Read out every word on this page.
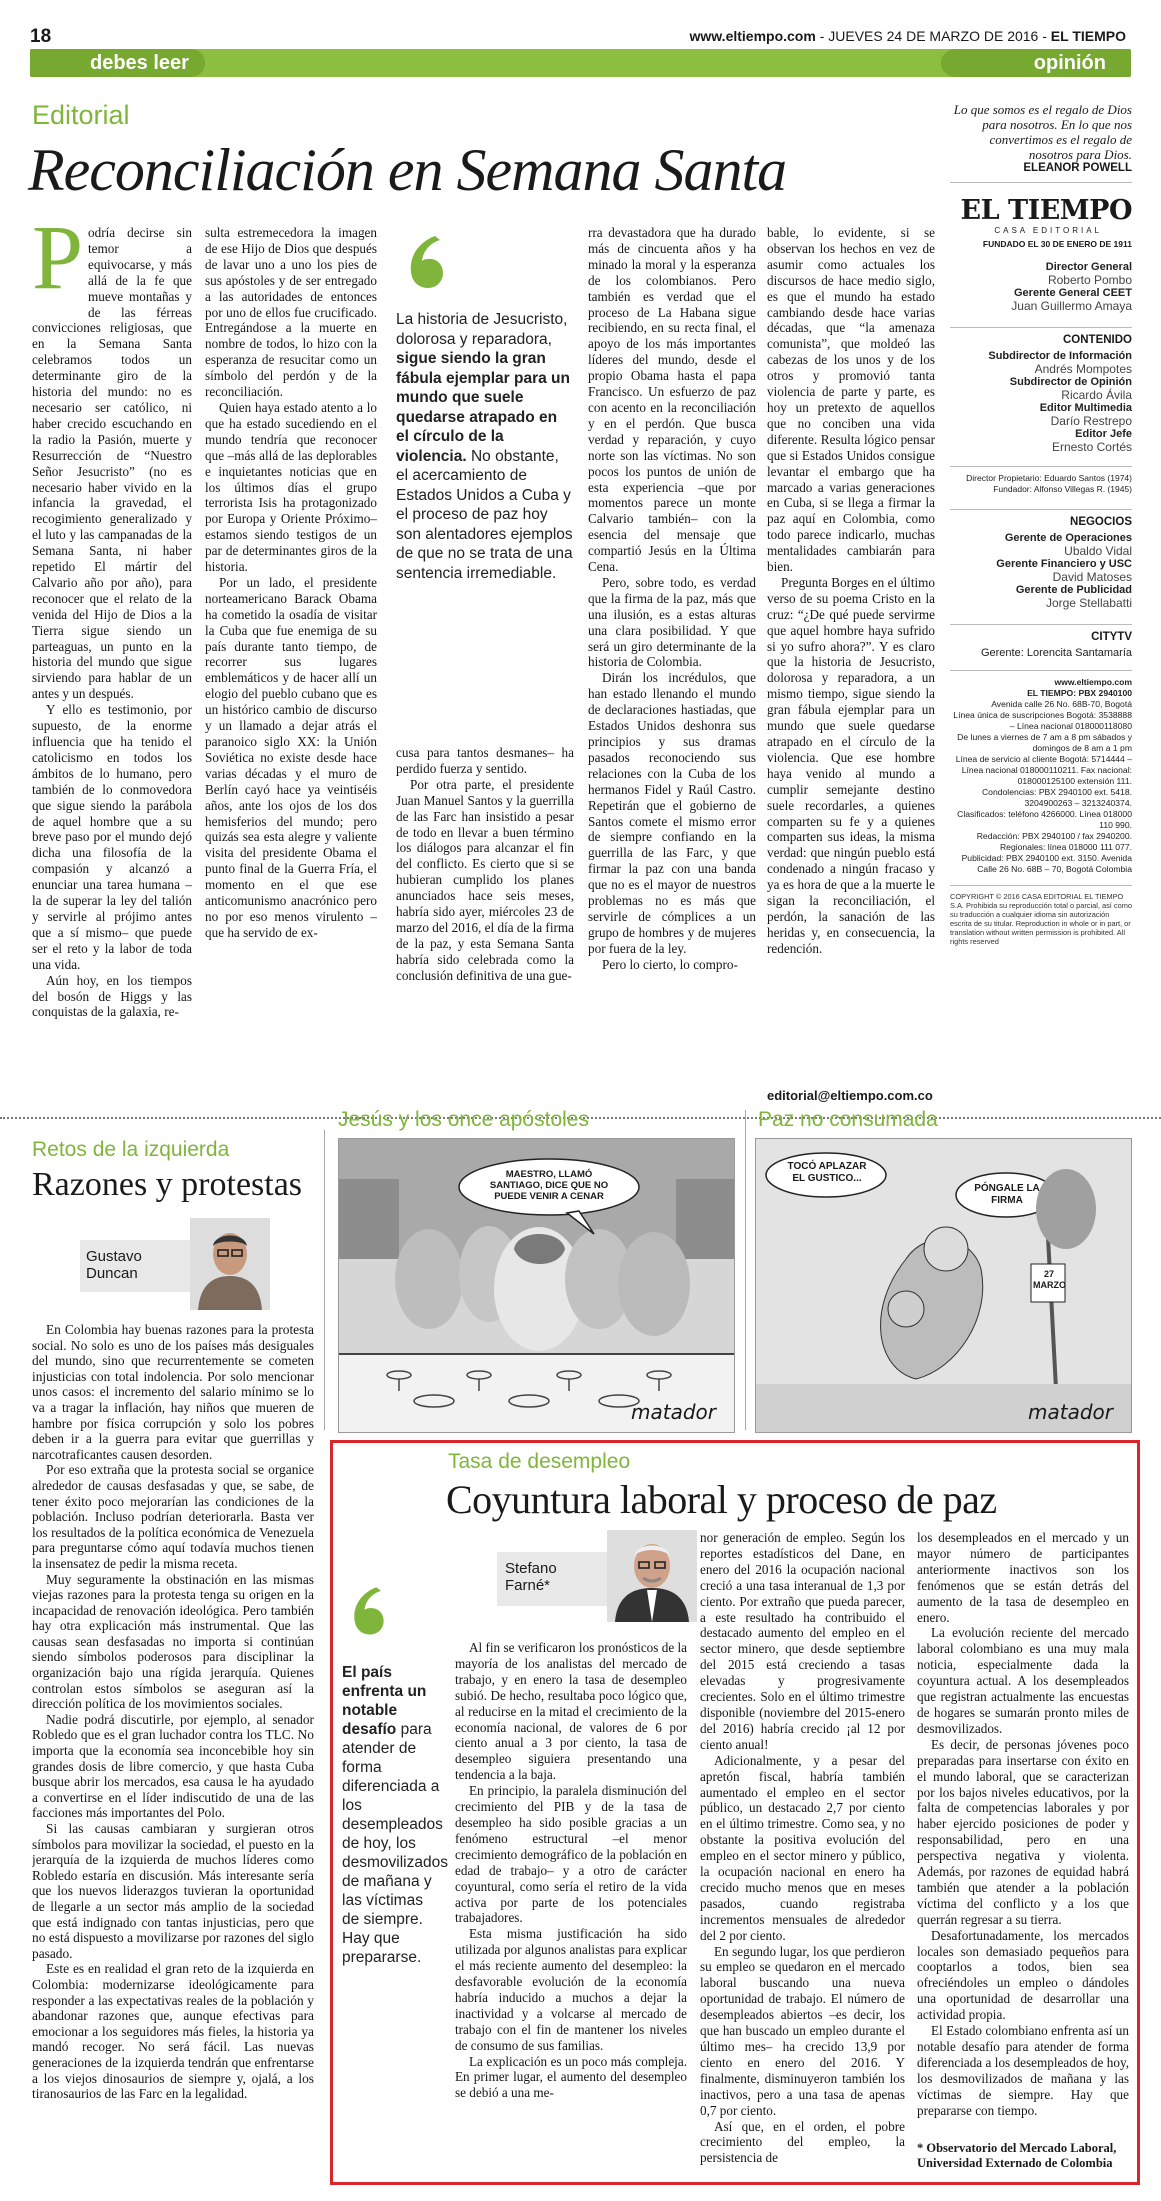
18	www.eltiempo.com - JUEVES 24 DE MARZO DE 2016 - EL TIEMPO
debes leer	opinión
Editorial
Reconciliación en Semana Santa
P odría decirse sin temor a equivocarse, y más allá de la fe que mueve montañas y de las férreas convicciones religiosas, que en la Semana Santa celebramos todos un determinante giro de la historia del mundo: no es necesario ser católico, ni haber crecido escuchando en la radio la Pasión, muerte y Resurrección de “Nuestro Señor Jesucristo” (no es necesario haber vivido en la infancia la gravedad, el recogimiento generalizado y el luto y las campanadas de la Semana Santa, ni haber repetido El mártir del Calvario año por año), para reconocer que el relato de la venida del Hijo de Dios a la Tierra sigue siendo un parteaguas, un punto en la historia del mundo que sigue sirviendo para hablar de un antes y un después.

Y ello es testimonio, por supuesto, de la enorme influencia que ha tenido el catolicismo en todos los ámbitos de lo humano, pero también de lo conmovedora que sigue siendo la parábola de aquel hombre que a su breve paso por el mundo dejó dicha una filosofía de la compasión y alcanzó a enunciar una tarea humana –la de superar la ley del talión y servirle al prójimo antes que a sí mismo– que puede ser el reto y la labor de toda una vida.

Aún hoy, en los tiempos del bosón de Higgs y las conquistas de la galaxia, re-

sulta estremecedora la imagen de ese Hijo de Dios que después de lavar uno a uno los pies de sus apóstoles y de ser entregado a las autoridades de entonces por uno de ellos fue crucificado. Entregándose a la muerte en nombre de todos, lo hizo con la esperanza de resucitar como un símbolo del perdón y de la reconciliación.

Quien haya estado atento a lo que ha estado sucediendo en el mundo tendría que reconocer que –más allá de las deplorables e inquietantes noticias que en los últimos días el grupo terrorista Isis ha protagonizado por Europa y Oriente Próximo– estamos siendo testigos de un par de determinantes giros de la historia.

Por un lado, el presidente norteamericano Barack Obama ha cometido la osadía de visitar la Cuba que fue enemiga de su país durante tanto tiempo, de recorrer sus lugares emblemáticos y de hacer allí un elogio del pueblo cubano que es un histórico cambio de discurso y un llamado a dejar atrás el paranoico siglo XX: la Unión Soviética no existe desde hace varias décadas y el muro de Berlín cayó hace ya veintiséis años, ante los ojos de los dos hemisferios del mundo; pero quizás sea esta alegre y valiente visita del presidente Obama el punto final de la Guerra Fría, el momento en el que ese anticomunismo anacrónico pero no por eso menos virulento –que ha servido de ex-

La historia de Jesucristo, dolorosa y reparadora, sigue siendo la gran fábula ejemplar para un mundo que suele quedarse atrapado en el círculo de la violencia. No obstante, el acercamiento de Estados Unidos a Cuba y el proceso de paz hoy son alentadores ejemplos de que no se trata de una sentencia irremediable.

cusa para tantos desmanes– ha perdido fuerza y sentido.

Por otra parte, el presidente Juan Manuel Santos y la guerrilla de las Farc han insistido a pesar de todo en llevar a buen término los diálogos para alcanzar el fin del conflicto. Es cierto que si se hubieran cumplido los planes anunciados hace seis meses, habría sido ayer, miércoles 23 de marzo del 2016, el día de la firma de la paz, y esta Semana Santa habría sido celebrada como la conclusión definitiva de una gue-

rra devastadora que ha durado más de cincuenta años y ha minado la moral y la esperanza de los colombianos. Pero también es verdad que el proceso de La Habana sigue recibiendo, en su recta final, el apoyo de los más importantes líderes del mundo, desde el propio Obama hasta el papa Francisco. Un esfuerzo de paz con acento en la reconciliación y en el perdón. Que busca verdad y reparación, y cuyo norte son las víctimas. No son pocos los puntos de unión de esta experiencia –que por momentos parece un monte Calvario también– con la esencia del mensaje que compartió Jesús en la Última Cena.

Pero, sobre todo, es verdad que la firma de la paz, más que una ilusión, es a estas alturas una clara posibilidad. Y que será un giro determinante de la historia de Colombia.

Dirán los incrédulos, que han estado llenando el mundo de declaraciones hastiadas, que Estados Unidos deshonra sus principios y sus dramas pasados reconociendo sus relaciones con la Cuba de los hermanos Fidel y Raúl Castro. Repetirán que el gobierno de Santos comete el mismo error de siempre confiando en la guerrilla de las Farc, y que firmar la paz con una banda que no es el mayor de nuestros problemas no es más que servirle de cómplices a un grupo de hombres y de mujeres por fuera de la ley.

Pero lo cierto, lo compro-

bable, lo evidente, si se observan los hechos en vez de asumir como actuales los discursos de hace medio siglo, es que el mundo ha estado cambiando desde hace varias décadas, que “la amenaza comunista”, que moldeó las cabezas de los unos y de los otros y promovió tanta violencia de parte y parte, es hoy un pretexto de aquellos que no conciben una vida diferente. Resulta lógico pensar que si Estados Unidos consigue levantar el embargo que ha marcado a varias generaciones en Cuba, si se llega a firmar la paz aquí en Colombia, como todo parece indicarlo, muchas mentalidades cambiarán para bien.

Pregunta Borges en el último verso de su poema Cristo en la cruz: “¿De qué puede servirme que aquel hombre haya sufrido si yo sufro ahora?”. Y es claro que la historia de Jesucristo, dolorosa y reparadora, a un mismo tiempo, sigue siendo la gran fábula ejemplar para un mundo que suele quedarse atrapado en el círculo de la violencia. Que ese hombre haya venido al mundo a cumplir semejante destino suele recordarles, a quienes comparten su fe y a quienes comparten sus ideas, la misma verdad: que ningún pueblo está condenado a ningún fracaso y ya es hora de que a la muerte le sigan la reconciliación, el perdón, la sanación de las heridas y, en consecuencia, la redención.

editorial@eltiempo.com.co
Lo que somos es el regalo de Dios para nosotros. En lo que nos convertimos es el regalo de nosotros para Dios.
ELEANOR POWELL
EL TIEMPO
CASA EDITORIAL
FUNDADO EL 30 DE ENERO DE 1911
Director General
Roberto Pombo
Gerente General CEET
Juan Guillermo Amaya
CONTENIDO
Subdirector de Información
Andrés Mompotes
Subdirector de Opinión
Ricardo Ávila
Editor Multimedia
Darío Restrepo
Editor Jefe
Ernesto Cortés
Director Propietario: Eduardo Santos (1974)
Fundador: Alfonso Villegas R. (1945)
NEGOCIOS
Gerente de Operaciones
Ubaldo Vidal
Gerente Financiero y USC
David Matoses
Gerente de Publicidad
Jorge Stellabatti
CITYTV
Gerente: Lorencita Santamaría
www.eltiempo.com
EL TIEMPO: PBX 2940100
Avenida calle 26 No. 68B-70, Bogotá
Línea única de suscripciones Bogotá: 3538888 – Línea nacional 018000118080
De lunes a viernes de 7 am a 8 pm sábados y domingos de 8 am a 1 pm
Línea de servicio al cliente Bogotá: 5714444 – Línea nacional 018000110211. Fax nacional: 018000125100 extensión 111.
Condolencias: PBX 2940100 ext. 5418. 3204900263 – 3213240374.
Clasificados: teléfono 4266000. Línea 018000 110 990.
Redacción: PBX 2940100 / fax 2940200.
Regionales: línea 018000 111 077.
Publicidad: PBX 2940100 ext. 3150. Avenida Calle 26 No. 68B – 70, Bogotá Colombia
COPYRIGHT © 2016 CASA EDITORIAL EL TIEMPO S.A. Prohibida su reproducción total o parcial, así como su traducción a cualquier idioma sin autorización escrita de su titular. Reproduction in whole or in part, or translation without written permission is prohibited. All rights reserved
Retos de la izquierda
Razones y protestas
Gustavo Duncan

En Colombia hay buenas razones para la protesta social. No solo es uno de los países más desiguales del mundo, sino que recurrentemente se cometen injusticias con total indolencia. Por solo mencionar unos casos: el incremento del salario mínimo se lo va a tragar la inflación, hay niños que mueren de hambre por física corrupción y solo los pobres deben ir a la guerra para evitar que guerrillas y narcotraficantes causen desorden.

Por eso extraña que la protesta social se organice alrededor de causas desfasadas y que, se sabe, de tener éxito poco mejorarían las condiciones de la población. Incluso podrían deteriorarla. Basta ver los resultados de la política económica de Venezuela para preguntarse cómo aquí todavía muchos tienen la insensatez de pedir la misma receta.

Muy seguramente la obstinación en las mismas viejas razones para la protesta tenga su origen en la incapacidad de renovación ideológica. Pero también hay otra explicación más instrumental. Que las causas sean desfasadas no importa si continúan siendo símbolos poderosos para disciplinar la organización bajo una rígida jerarquía. Quienes controlan estos símbolos se aseguran así la dirección política de los movimientos sociales.

Nadie podrá discutirle, por ejemplo, al senador Robledo que es el gran luchador contra los TLC. No importa que la economía sea inconcebible hoy sin grandes dosis de libre comercio, y que hasta Cuba busque abrir los mercados, esa causa le ha ayudado a convertirse en el líder indiscutido de una de las facciones más importantes del Polo.

Si las causas cambiaran y surgieran otros símbolos para movilizar la sociedad, el puesto en la jerarquía de la izquierda de muchos líderes como Robledo estaría en discusión. Más interesante sería que los nuevos liderazgos tuvieran la oportunidad de llegarle a un sector más amplio de la sociedad que está indignado con tantas injusticias, pero que no está dispuesto a movilizarse por razones del siglo pasado.

Este es en realidad el gran reto de la izquierda en Colombia: modernizarse ideológicamente para responder a las expectativas reales de la población y abandonar razones que, aunque efectivas para emocionar a los seguidores más fieles, la historia ya mandó recoger. No será fácil. Las nuevas generaciones de la izquierda tendrán que enfrentarse a los viejos dinosaurios de siempre y, ojalá, a los tiranosaurios de las Farc en la legalidad.

Jesús y los once apóstoles
MAESTRO, LLAMÓ SANTIAGO, DICE QUE NO PUEDE VENIR A CENAR
matador
Paz no consumada
TOCÓ APLAZAR EL GUSTICO...
PÓNGALE LA FIRMA
27 MARZO
matador
Tasa de desempleo
Coyuntura laboral y proceso de paz
Stefano Farné*
El país enfrenta un notable desafío para atender de forma diferenciada a los desempleados de hoy, los desmovilizados de mañana y las víctimas de siempre. Hay que prepararse.

Al fin se verificaron los pronósticos de la mayoría de los analistas del mercado de trabajo, y en enero la tasa de desempleo subió. De hecho, resultaba poco lógico que, al reducirse en la mitad el crecimiento de la economía nacional, de valores de 6 por ciento anual a 3 por ciento, la tasa de desempleo siguiera presentando una tendencia a la baja.

En principio, la paralela disminución del crecimiento del PIB y de la tasa de desempleo ha sido posible gracias a un fenómeno estructural –el menor crecimiento demográfico de la población en edad de trabajo– y a otro de carácter coyuntural, como sería el retiro de la vida activa por parte de los potenciales trabajadores.

Esta misma justificación ha sido utilizada por algunos analistas para explicar el más reciente aumento del desempleo: la desfavorable evolución de la economía habría inducido a muchos a dejar la inactividad y a volcarse al mercado de trabajo con el fin de mantener los niveles de consumo de sus familias.

La explicación es un poco más compleja. En primer lugar, el aumento del desempleo se debió a una me-

nor generación de empleo. Según los reportes estadísticos del Dane, en enero del 2016 la ocupación nacional creció a una tasa interanual de 1,3 por ciento. Por extraño que pueda parecer, a este resultado ha contribuido el destacado aumento del empleo en el sector minero, que desde septiembre del 2015 está creciendo a tasas elevadas y progresivamente crecientes. Solo en el último trimestre disponible (noviembre del 2015-enero del 2016) habría crecido ¡al 12 por ciento anual!

Adicionalmente, y a pesar del apretón fiscal, habría también aumentado el empleo en el sector público, un destacado 2,7 por ciento en el último trimestre. Como sea, y no obstante la positiva evolución del empleo en el sector minero y público, la ocupación nacional en enero ha crecido mucho menos que en meses pasados, cuando registraba incrementos mensuales de alrededor del 2 por ciento.

En segundo lugar, los que perdieron su empleo se quedaron en el mercado laboral buscando una nueva oportunidad de trabajo. El número de desempleados abiertos –es decir, los que han buscado un empleo durante el último mes– ha crecido 13,9 por ciento en enero del 2016. Y finalmente, disminuyeron también los inactivos, pero a una tasa de apenas 0,7 por ciento.

Así que, en el orden, el pobre crecimiento del empleo, la persistencia de

los desempleados en el mercado y un mayor número de participantes anteriormente inactivos son los fenómenos que se están detrás del aumento de la tasa de desempleo en enero.

La evolución reciente del mercado laboral colombiano es una muy mala noticia, especialmente dada la coyuntura actual. A los desempleados que registran actualmente las encuestas de hogares se sumarán pronto miles de desmovilizados.

Es decir, de personas jóvenes poco preparadas para insertarse con éxito en el mundo laboral, que se caracterizan por los bajos niveles educativos, por la falta de competencias laborales y por haber ejercido posiciones de poder y responsabilidad, pero en una perspectiva negativa y violenta. Además, por razones de equidad habrá también que atender a la población víctima del conflicto y a los que querrán regresar a su tierra.

Desafortunadamente, los mercados locales son demasiado pequeños para cooptarlos a todos, bien sea ofreciéndoles un empleo o dándoles una oportunidad de desarrollar una actividad propia.

El Estado colombiano enfrenta así un notable desafío para atender de forma diferenciada a los desempleados de hoy, los desmovilizados de mañana y las víctimas de siempre. Hay que prepararse con tiempo.

* Observatorio del Mercado Laboral, Universidad Externado de Colombia
